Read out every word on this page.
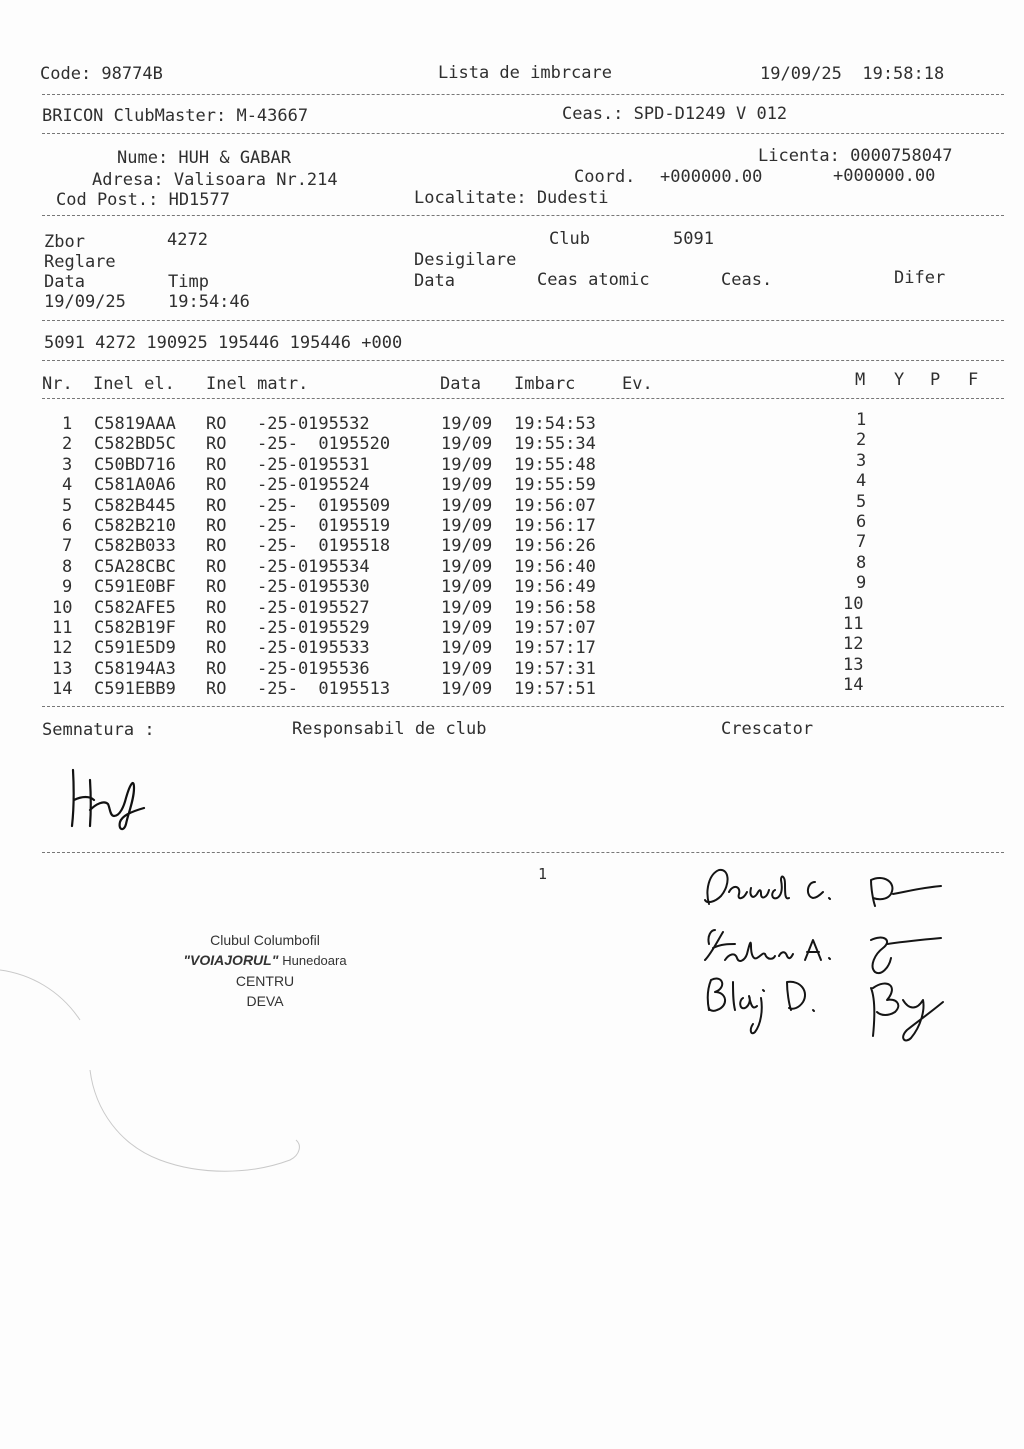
Code: 98774B	Lista de imbrcare	19/09/25  19:58:18
BRICON ClubMaster: M-43667	Ceas.: SPD-D1249 V 012
Nume: HUH & GABAR	Licenta: 0000758047
Adresa: Valisoara Nr.214	Coord. +000000.00	+000000.00
Cod Post.: HD1577	Localitate: Dudesti
Zbor	4272	Club	5091
Reglare	Desigilare
Data	Timp	Data	Ceas atomic	Ceas.	Difer
19/09/25 19:54:46
5091 4272 190925 195446 195446 +000
Nr. Inel el. Inel matr.	Data Imbarc	Ev.	M Y P F
1 C5819AAA RO -25-0195532	19/09 19:54:53	1
2 C582BD5C RO -25-  0195520	19/09 19:55:34	2
3 C50BD716 RO -25-0195531	19/09 19:55:48	3
4 C581A0A6 RO -25-0195524	19/09 19:55:59	4
5 C582B445 RO -25-  0195509	19/09 19:56:07	5
6 C582B210 RO -25-  0195519	19/09 19:56:17	6
7 C582B033 RO -25-  0195518	19/09 19:56:26	7
8 C5A28CBC RO -25-0195534	19/09 19:56:40	8
9 C591E0BF RO -25-0195530	19/09 19:56:49	9
10 C582AFE5 RO -25-0195527	19/09 19:56:58	10
11 C582B19F RO -25-0195529	19/09 19:57:07	11
12 C591E5D9 RO -25-0195533	19/09 19:57:17	12
13 C58194A3 RO -25-0195536	19/09 19:57:31	13
14 C591EBB9 RO -25-  0195513	19/09 19:57:51	14
Semnatura :	Responsabil de club	Crescator
1
Clubul Columbofil
"VOIAJORUL" Hunedoara
CENTRU
DEVA
